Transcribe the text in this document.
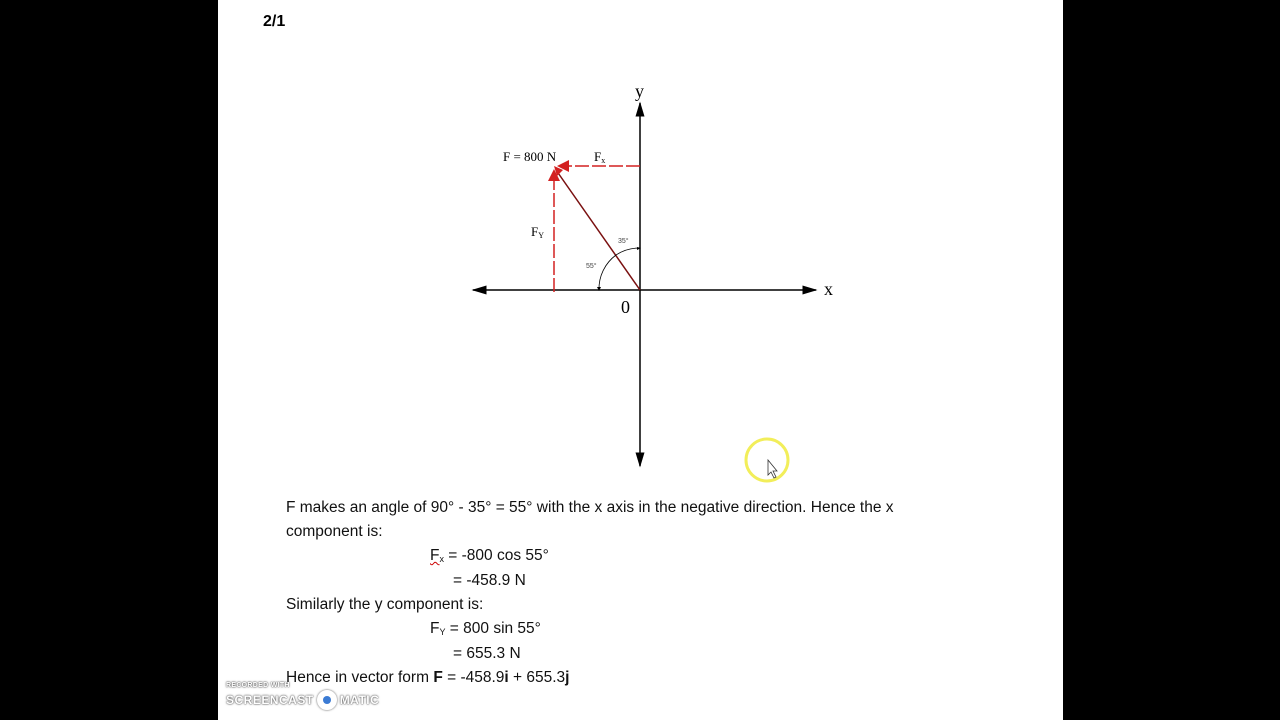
2/1
y
x
0
F = 800 N	Fx
FY
35°
55°
F makes an angle of 90° - 35° = 55° with the x axis in the negative direction. Hence the x
component is:
$F_x = -800$ cos 55°
= -458.9 N
Similarly the y component is:
$F_Y = 800$ sin 55°
= 655.3 N
Hence in vector form F = -458.9i + 655.3j
RECORDED WITH
SCREENCAST MATIC
